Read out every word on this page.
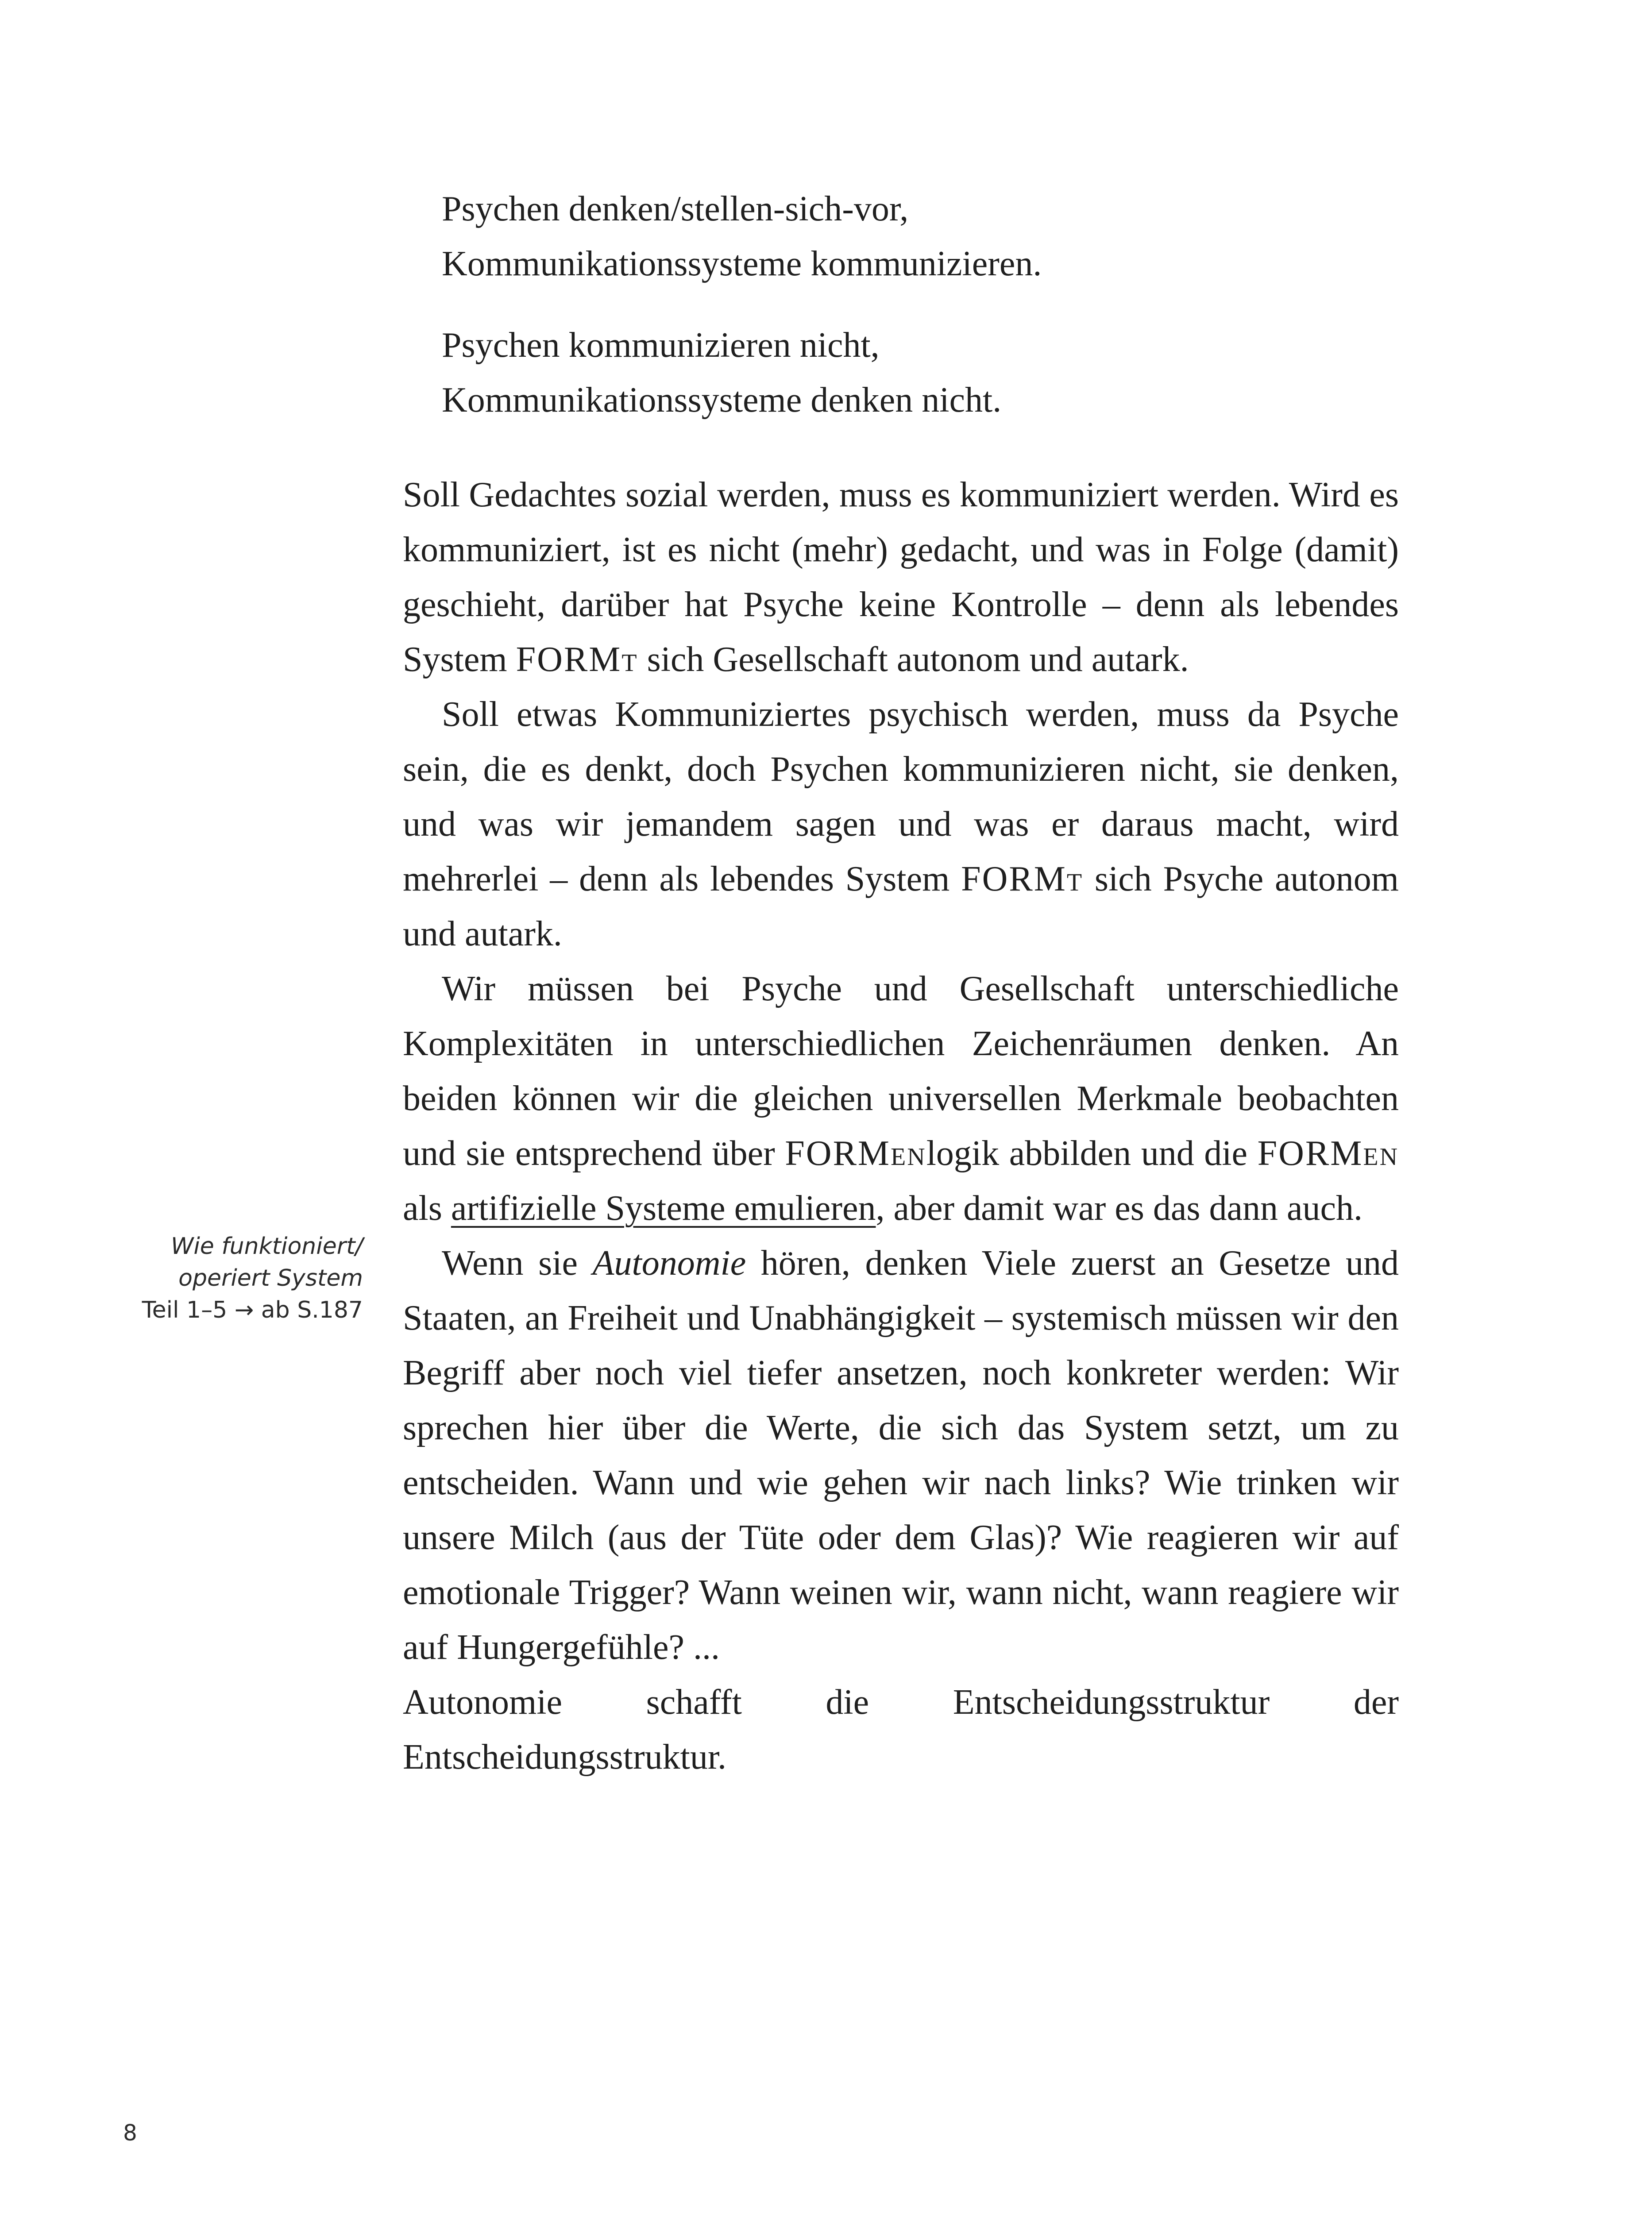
Psychen denken/stellen-sich-vor,

Kommunikationssysteme kommunizieren.

Psychen kommunizieren nicht,

Kommunikationssysteme denken nicht.

Soll Gedachtes sozial werden, muss es kommuniziert werden. Wird es kommuniziert, ist es nicht (mehr) gedacht, und was in Folge (damit) geschieht, darüber hat Psyche keine Kontrolle – denn als lebendes System FORMt sich Gesellschaft autonom und autark.

Soll etwas Kommuniziertes psychisch werden, muss da Psyche sein, die es denkt, doch Psychen kommunizieren nicht, sie denken, und was wir jemandem sagen und was er daraus macht, wird mehrerlei – denn als lebendes System FORMt sich Psyche autonom und autark.

Wir müssen bei Psyche und Gesellschaft unterschiedliche Komplexitäten in unterschiedlichen Zeichenräumen denken. An beiden können wir die gleichen universellen Merkmale beobachten und sie entsprechend über FORMenlogik abbilden und die FORMen als artifizielle Systeme emulieren, aber damit war es das dann auch.

Wenn sie Autonomie hören, denken Viele zuerst an Gesetze und Staaten, an Freiheit und Unabhängigkeit – systemisch müssen wir den Begriff aber noch viel tiefer ansetzen, noch konkreter werden: Wir sprechen hier über die Werte, die sich das System setzt, um zu entscheiden. Wann und wie gehen wir nach links? Wie trinken wir unsere Milch (aus der Tüte oder dem Glas)? Wie reagieren wir auf emotionale Trigger? Wann weinen wir, wann nicht, wann reagiere wir auf Hungergefühle? ...

Autonomie schafft die Entscheidungsstruktur der Entscheidungsstruktur.

Wie funktioniert/
operiert System
Teil 1–5 → ab S.187
8
